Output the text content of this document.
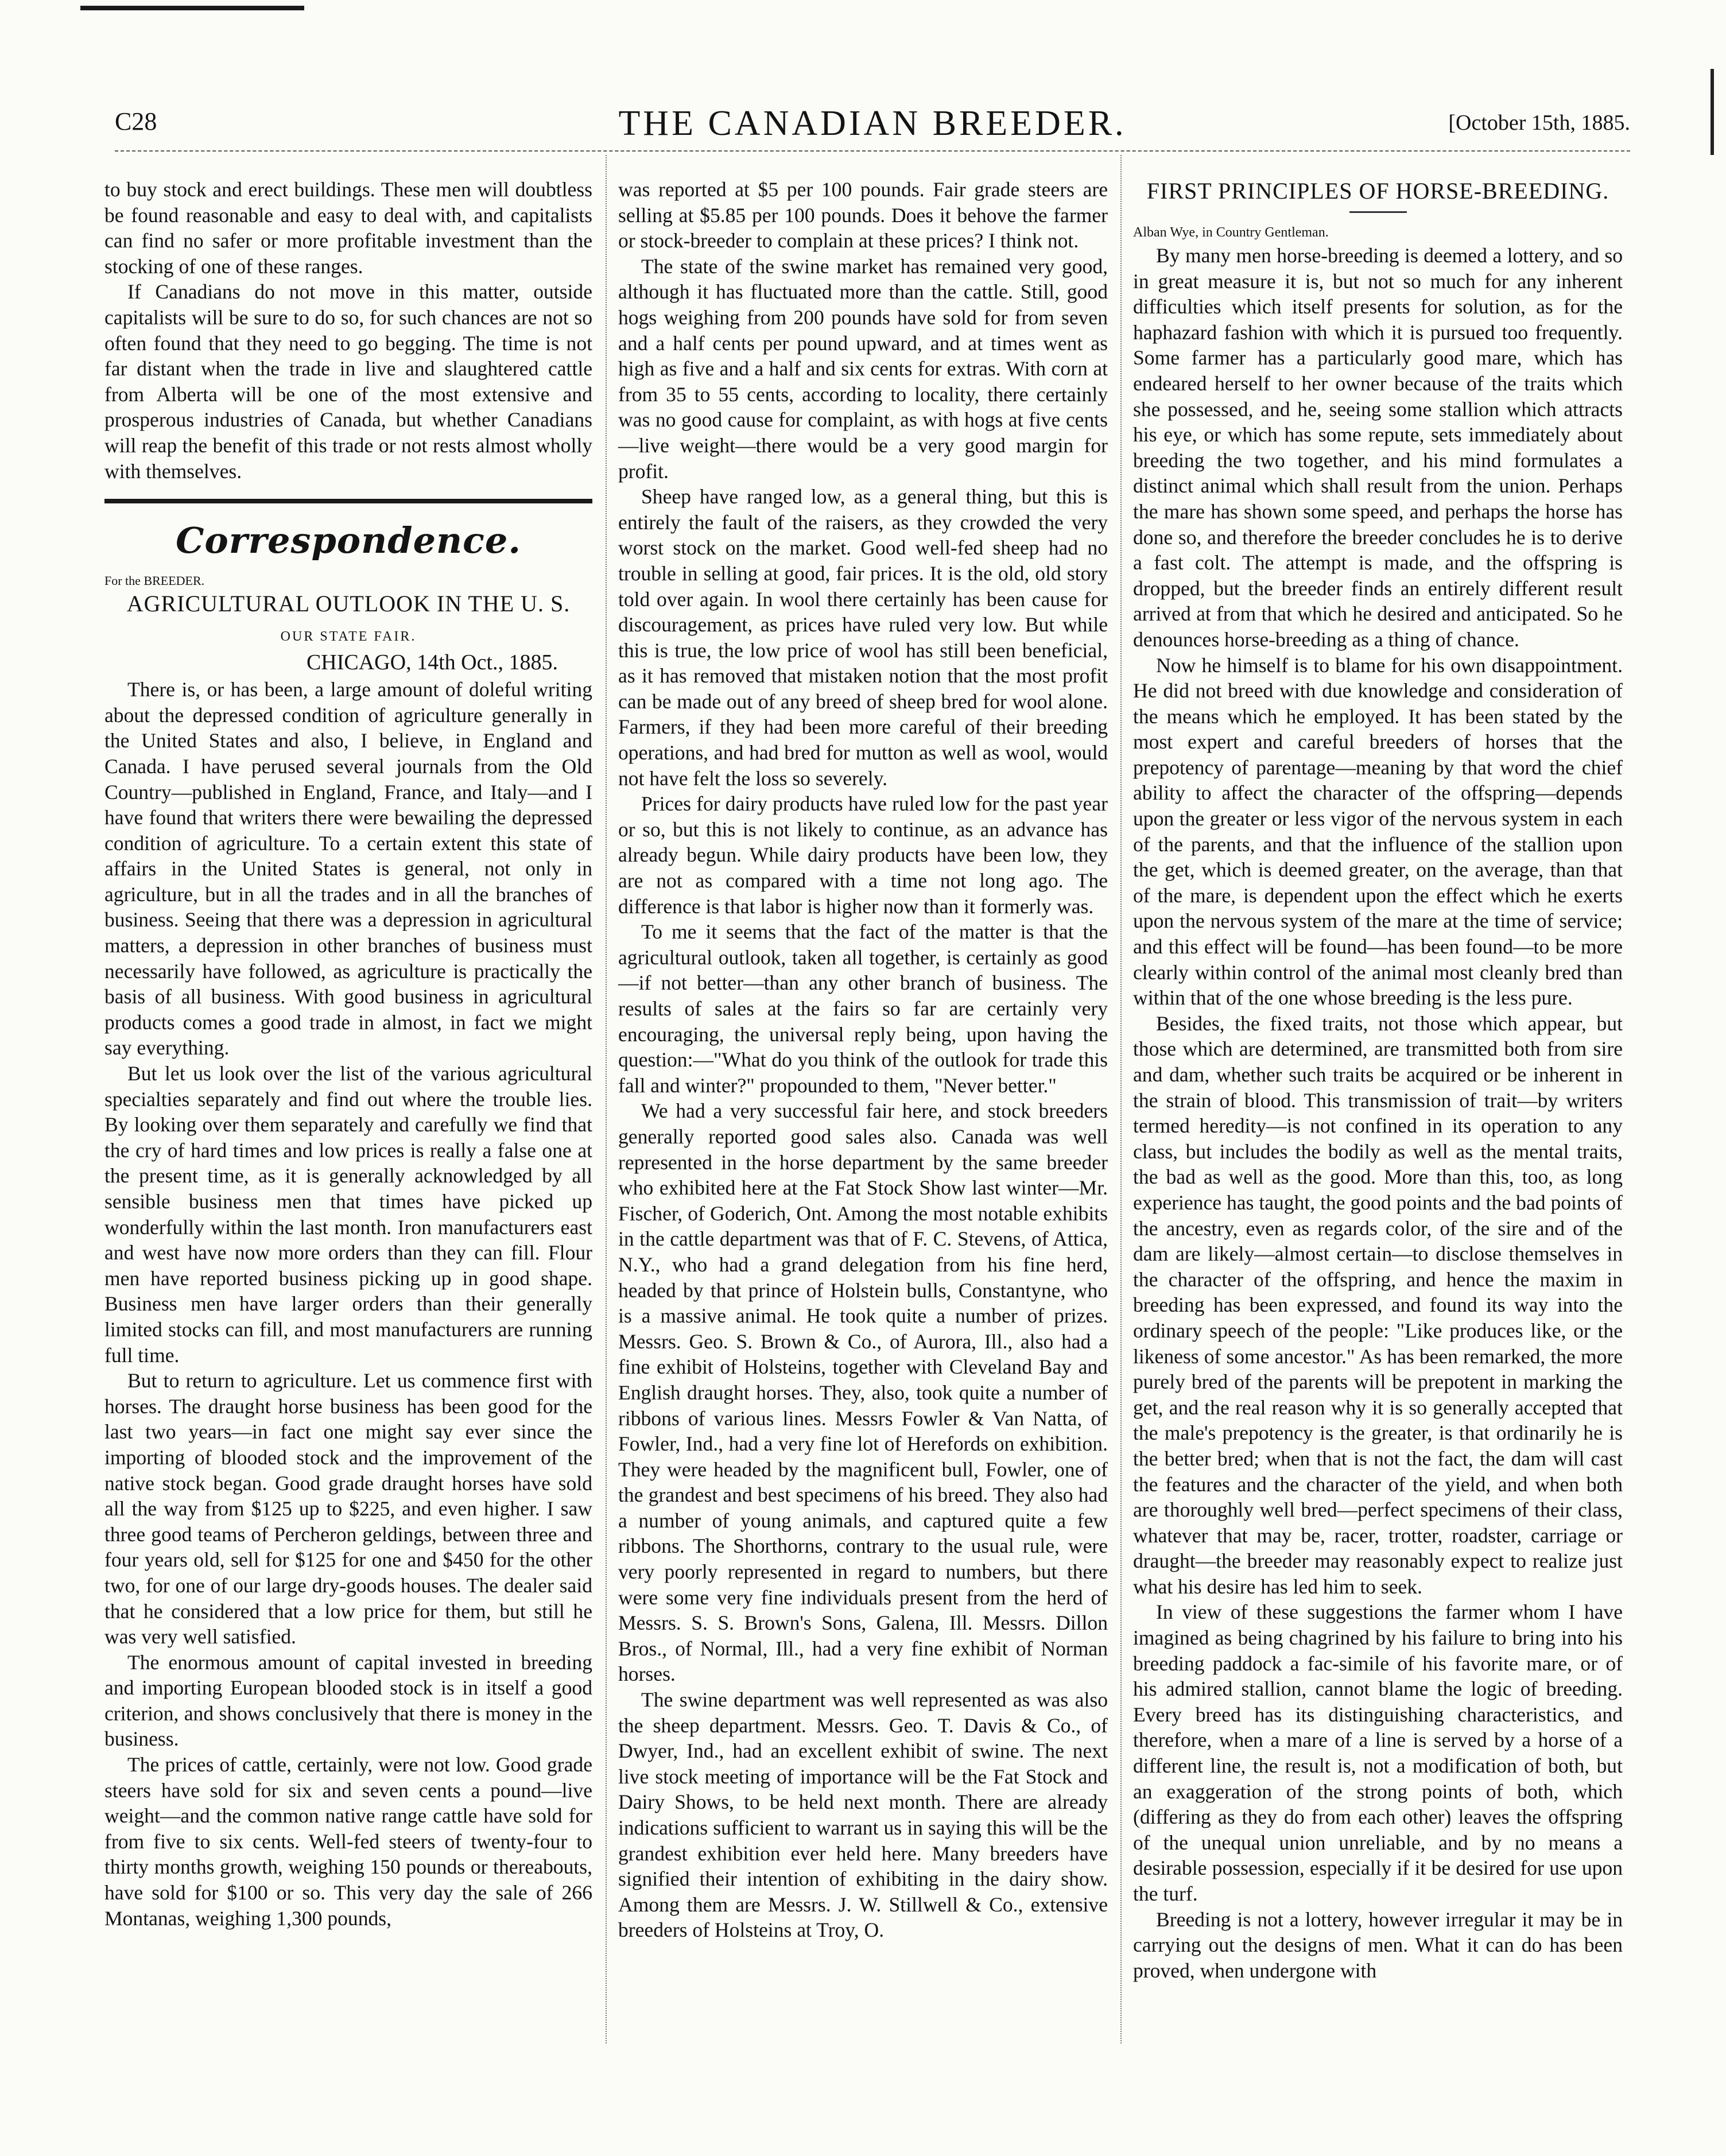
C28	THE CANADIAN BREEDER.	[October 15th, 1885.

to buy stock and erect buildings. These men will doubtless be found reasonable and easy to deal with, and capitalists can find no safer or more profitable investment than the stocking of one of these ranges.

If Canadians do not move in this matter, outside capitalists will be sure to do so, for such chances are not so often found that they need to go begging. The time is not far distant when the trade in live and slaughtered cattle from Alberta will be one of the most extensive and prosperous industries of Canada, but whether Canadians will reap the benefit of this trade or not rests almost wholly with themselves.

Correspondence.
For the BREEDER.
AGRICULTURAL OUTLOOK IN THE U. S.
OUR STATE FAIR.
CHICAGO, 14th Oct., 1885.

There is, or has been, a large amount of doleful writing about the depressed condition of agriculture generally in the United States and also, I believe, in England and Canada. I have perused several journals from the Old Country—published in England, France, and Italy—and I have found that writers there were bewailing the depressed condition of agriculture. To a certain extent this state of affairs in the United States is general, not only in agriculture, but in all the trades and in all the branches of business. Seeing that there was a depression in agricultural matters, a depression in other branches of business must necessarily have followed, as agriculture is practically the basis of all business. With good business in agricultural products comes a good trade in almost, in fact we might say everything.

But let us look over the list of the various agricultural specialties separately and find out where the trouble lies. By looking over them separately and carefully we find that the cry of hard times and low prices is really a false one at the present time, as it is generally acknowledged by all sensible business men that times have picked up wonderfully within the last month. Iron manufacturers east and west have now more orders than they can fill. Flour men have reported business picking up in good shape. Business men have larger orders than their generally limited stocks can fill, and most manufacturers are running full time.

But to return to agriculture. Let us commence first with horses. The draught horse business has been good for the last two years—in fact one might say ever since the importing of blooded stock and the improvement of the native stock began. Good grade draught horses have sold all the way from $125 up to $225, and even higher. I saw three good teams of Percheron geldings, between three and four years old, sell for $125 for one and $450 for the other two, for one of our large dry-goods houses. The dealer said that he considered that a low price for them, but still he was very well satisfied.

The enormous amount of capital invested in breeding and importing European blooded stock is in itself a good criterion, and shows conclusively that there is money in the business.

The prices of cattle, certainly, were not low. Good grade steers have sold for six and seven cents a pound—live weight—and the common native range cattle have sold for from five to six cents. Well-fed steers of twenty-four to thirty months growth, weighing 150 pounds or thereabouts, have sold for $100 or so. This very day the sale of 266 Montanas, weighing 1,300 pounds,

was reported at $5 per 100 pounds. Fair grade steers are selling at $5.85 per 100 pounds. Does it behove the farmer or stock-breeder to complain at these prices? I think not.

The state of the swine market has remained very good, although it has fluctuated more than the cattle. Still, good hogs weighing from 200 pounds have sold for from seven and a half cents per pound upward, and at times went as high as five and a half and six cents for extras. With corn at from 35 to 55 cents, according to locality, there certainly was no good cause for complaint, as with hogs at five cents—live weight—there would be a very good margin for profit.

Sheep have ranged low, as a general thing, but this is entirely the fault of the raisers, as they crowded the very worst stock on the market. Good well-fed sheep had no trouble in selling at good, fair prices. It is the old, old story told over again. In wool there certainly has been cause for discouragement, as prices have ruled very low. But while this is true, the low price of wool has still been beneficial, as it has removed that mistaken notion that the most profit can be made out of any breed of sheep bred for wool alone. Farmers, if they had been more careful of their breeding operations, and had bred for mutton as well as wool, would not have felt the loss so severely.

Prices for dairy products have ruled low for the past year or so, but this is not likely to continue, as an advance has already begun. While dairy products have been low, they are not as compared with a time not long ago. The difference is that labor is higher now than it formerly was.

To me it seems that the fact of the matter is that the agricultural outlook, taken all together, is certainly as good—if not better—than any other branch of business. The results of sales at the fairs so far are certainly very encouraging, the universal reply being, upon having the question:—"What do you think of the outlook for trade this fall and winter?" propounded to them, "Never better."

We had a very successful fair here, and stock breeders generally reported good sales also. Canada was well represented in the horse department by the same breeder who exhibited here at the Fat Stock Show last winter—Mr. Fischer, of Goderich, Ont. Among the most notable exhibits in the cattle department was that of F. C. Stevens, of Attica, N.Y., who had a grand delegation from his fine herd, headed by that prince of Holstein bulls, Constantyne, who is a massive animal. He took quite a number of prizes. Messrs. Geo. S. Brown & Co., of Aurora, Ill., also had a fine exhibit of Holsteins, together with Cleveland Bay and English draught horses. They, also, took quite a number of ribbons of various lines. Messrs Fowler & Van Natta, of Fowler, Ind., had a very fine lot of Herefords on exhibition. They were headed by the magnificent bull, Fowler, one of the grandest and best specimens of his breed. They also had a number of young animals, and captured quite a few ribbons. The Shorthorns, contrary to the usual rule, were very poorly represented in regard to numbers, but there were some very fine individuals present from the herd of Messrs. S. S. Brown's Sons, Galena, Ill. Messrs. Dillon Bros., of Normal, Ill., had a very fine exhibit of Norman horses.

The swine department was well represented as was also the sheep department. Messrs. Geo. T. Davis & Co., of Dwyer, Ind., had an excellent exhibit of swine. The next live stock meeting of importance will be the Fat Stock and Dairy Shows, to be held next month. There are already indications sufficient to warrant us in saying this will be the grandest exhibition ever held here. Many breeders have signified their intention of exhibiting in the dairy show. Among them are Messrs. J. W. Stillwell & Co., extensive breeders of Holsteins at Troy, O.

FIRST PRINCIPLES OF HORSE-BREEDING.
Alban Wye, in Country Gentleman.

By many men horse-breeding is deemed a lottery, and so in great measure it is, but not so much for any inherent difficulties which itself presents for solution, as for the haphazard fashion with which it is pursued too frequently. Some farmer has a particularly good mare, which has endeared herself to her owner because of the traits which she possessed, and he, seeing some stallion which attracts his eye, or which has some repute, sets immediately about breeding the two together, and his mind formulates a distinct animal which shall result from the union. Perhaps the mare has shown some speed, and perhaps the horse has done so, and therefore the breeder concludes he is to derive a fast colt. The attempt is made, and the offspring is dropped, but the breeder finds an entirely different result arrived at from that which he desired and anticipated. So he denounces horse-breeding as a thing of chance.

Now he himself is to blame for his own disappointment. He did not breed with due knowledge and consideration of the means which he employed. It has been stated by the most expert and careful breeders of horses that the prepotency of parentage—meaning by that word the chief ability to affect the character of the offspring—depends upon the greater or less vigor of the nervous system in each of the parents, and that the influence of the stallion upon the get, which is deemed greater, on the average, than that of the mare, is dependent upon the effect which he exerts upon the nervous system of the mare at the time of service; and this effect will be found—has been found—to be more clearly within control of the animal most cleanly bred than within that of the one whose breeding is the less pure.

Besides, the fixed traits, not those which appear, but those which are determined, are transmitted both from sire and dam, whether such traits be acquired or be inherent in the strain of blood. This transmission of trait—by writers termed heredity—is not confined in its operation to any class, but includes the bodily as well as the mental traits, the bad as well as the good. More than this, too, as long experience has taught, the good points and the bad points of the ancestry, even as regards color, of the sire and of the dam are likely—almost certain—to disclose themselves in the character of the offspring, and hence the maxim in breeding has been expressed, and found its way into the ordinary speech of the people: "Like produces like, or the likeness of some ancestor." As has been remarked, the more purely bred of the parents will be prepotent in marking the get, and the real reason why it is so generally accepted that the male's prepotency is the greater, is that ordinarily he is the better bred; when that is not the fact, the dam will cast the features and the character of the yield, and when both are thoroughly well bred—perfect specimens of their class, whatever that may be, racer, trotter, roadster, carriage or draught—the breeder may reasonably expect to realize just what his desire has led him to seek.

In view of these suggestions the farmer whom I have imagined as being chagrined by his failure to bring into his breeding paddock a fac-simile of his favorite mare, or of his admired stallion, cannot blame the logic of breeding. Every breed has its distinguishing characteristics, and therefore, when a mare of a line is served by a horse of a different line, the result is, not a modification of both, but an exaggeration of the strong points of both, which (differing as they do from each other) leaves the offspring of the unequal union unreliable, and by no means a desirable possession, especially if it be desired for use upon the turf.

Breeding is not a lottery, however irregular it may be in carrying out the designs of men. What it can do has been proved, when undergone with
